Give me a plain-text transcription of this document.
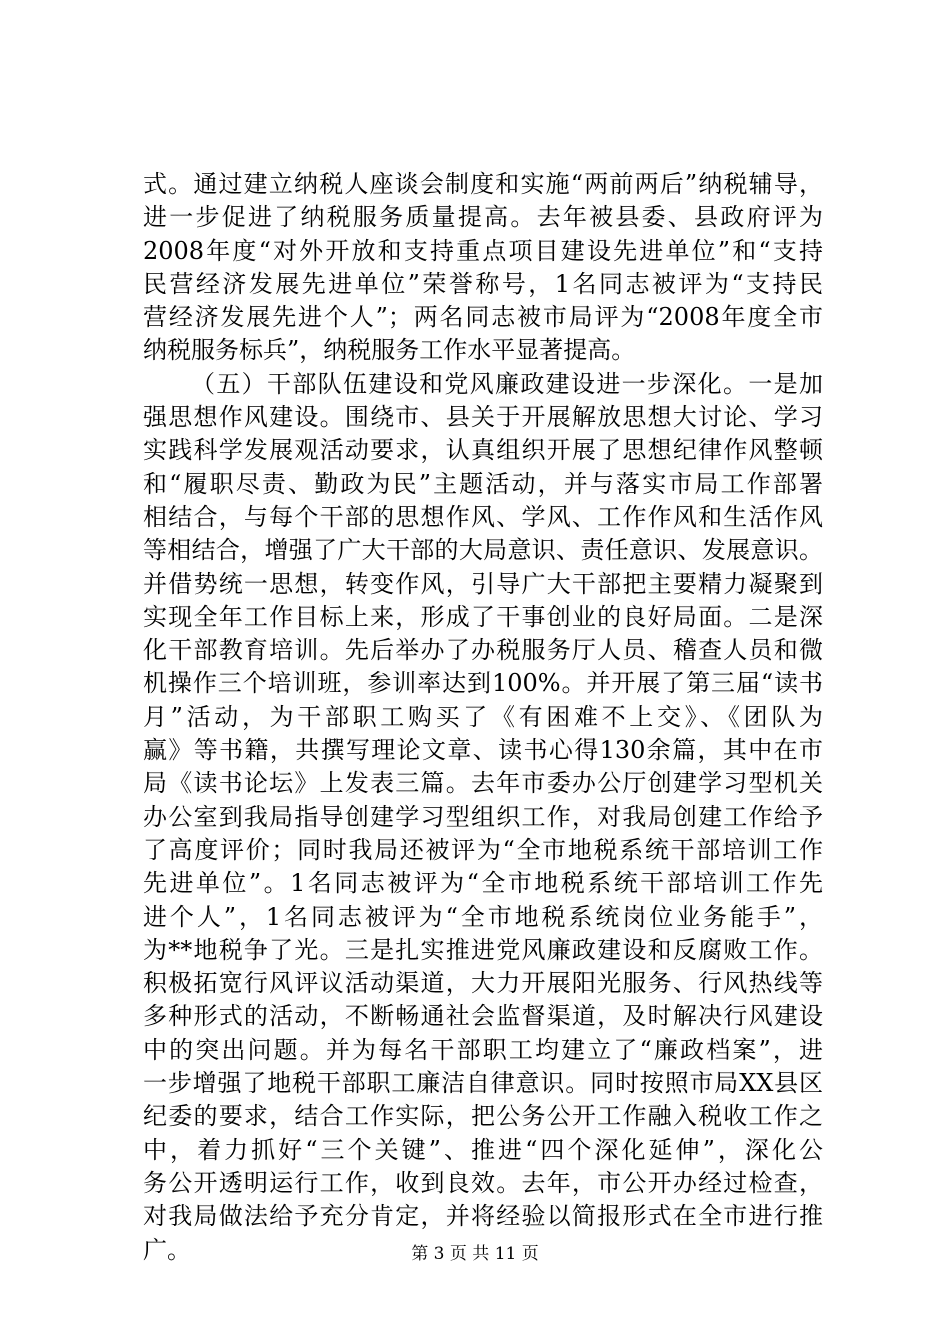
式。通过建立纳税人座谈会制度和实施“两前两后”纳税辅导，
进一步促进了纳税服务质量提高。去年被县委、县政府评为
2008年度“对外开放和支持重点项目建设先进单位”和“支持
民营经济发展先进单位”荣誉称号，1名同志被评为“支持民
营经济发展先进个人”；两名同志被市局评为“2008年度全市
纳税服务标兵”，纳税服务工作水平显著提高。
（五）干部队伍建设和党风廉政建设进一步深化。一是加
强思想作风建设。围绕市、县关于开展解放思想大讨论、学习
实践科学发展观活动要求，认真组织开展了思想纪律作风整顿
和“履职尽责、勤政为民”主题活动，并与落实市局工作部署
相结合，与每个干部的思想作风、学风、工作作风和生活作风
等相结合，增强了广大干部的大局意识、责任意识、发展意识。
并借势统一思想，转变作风，引导广大干部把主要精力凝聚到
实现全年工作目标上来，形成了干事创业的良好局面。二是深
化干部教育培训。先后举办了办税服务厅人员、稽查人员和微
机操作三个培训班，参训率达到100%。并开展了第三届“读书
月”活动，为干部职工购买了《有困难不上交》、《团队为
赢》等书籍，共撰写理论文章、读书心得130余篇，其中在市
局《读书论坛》上发表三篇。去年市委办公厅创建学习型机关
办公室到我局指导创建学习型组织工作，对我局创建工作给予
了高度评价；同时我局还被评为“全市地税系统干部培训工作
先进单位”。1名同志被评为“全市地税系统干部培训工作先
进个人”，1名同志被评为“全市地税系统岗位业务能手”，
为**地税争了光。三是扎实推进党风廉政建设和反腐败工作。
积极拓宽行风评议活动渠道，大力开展阳光服务、行风热线等
多种形式的活动，不断畅通社会监督渠道，及时解决行风建设
中的突出问题。并为每名干部职工均建立了“廉政档案”，进
一步增强了地税干部职工廉洁自律意识。同时按照市局XX县区
纪委的要求，结合工作实际，把公务公开工作融入税收工作之
中，着力抓好“三个关键”、推进“四个深化延伸”，深化公
务公开透明运行工作，收到良效。去年，市公开办经过检查，
对我局做法给予充分肯定，并将经验以简报形式在全市进行推
广。	第 3 页 共 11 页
